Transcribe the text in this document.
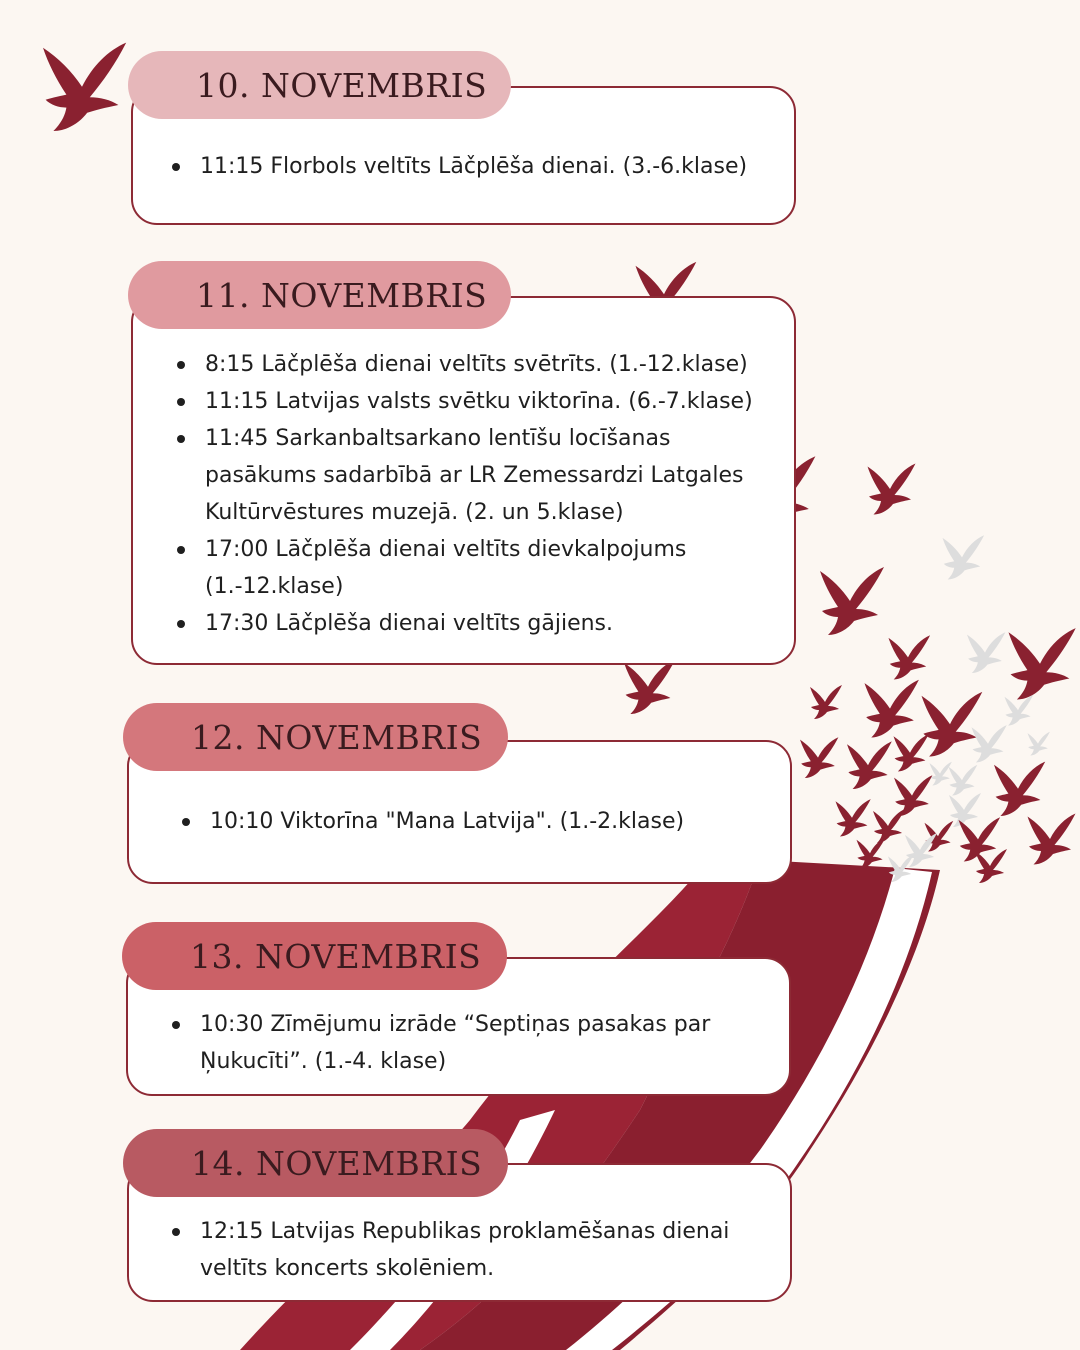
10. NOVEMBRIS
11:15 Florbols veltīts Lāčplēša dienai. (3.-6.klase)
11. NOVEMBRIS
8:15 Lāčplēša dienai veltīts svētrīts. (1.-12.klase)
11:15 Latvijas valsts svētku viktorīna. (6.-7.klase)
11:45 Sarkanbaltsarkano lentīšu locīšanas pasākums sadarbībā ar LR Zemessardzi Latgales Kultūrvēstures muzejā. (2. un 5.klase)
17:00 Lāčplēša dienai veltīts dievkalpojums (1.-12.klase)
17:30 Lāčplēša dienai veltīts gājiens.
12. NOVEMBRIS
10:10 Viktorīna "Mana Latvija". (1.-2.klase)
13. NOVEMBRIS
10:30 Zīmējumu izrāde “Septiņas pasakas par Ņukucīti”. (1.-4. klase)
14. NOVEMBRIS
12:15 Latvijas Republikas proklamēšanas dienai veltīts koncerts skolēniem.
